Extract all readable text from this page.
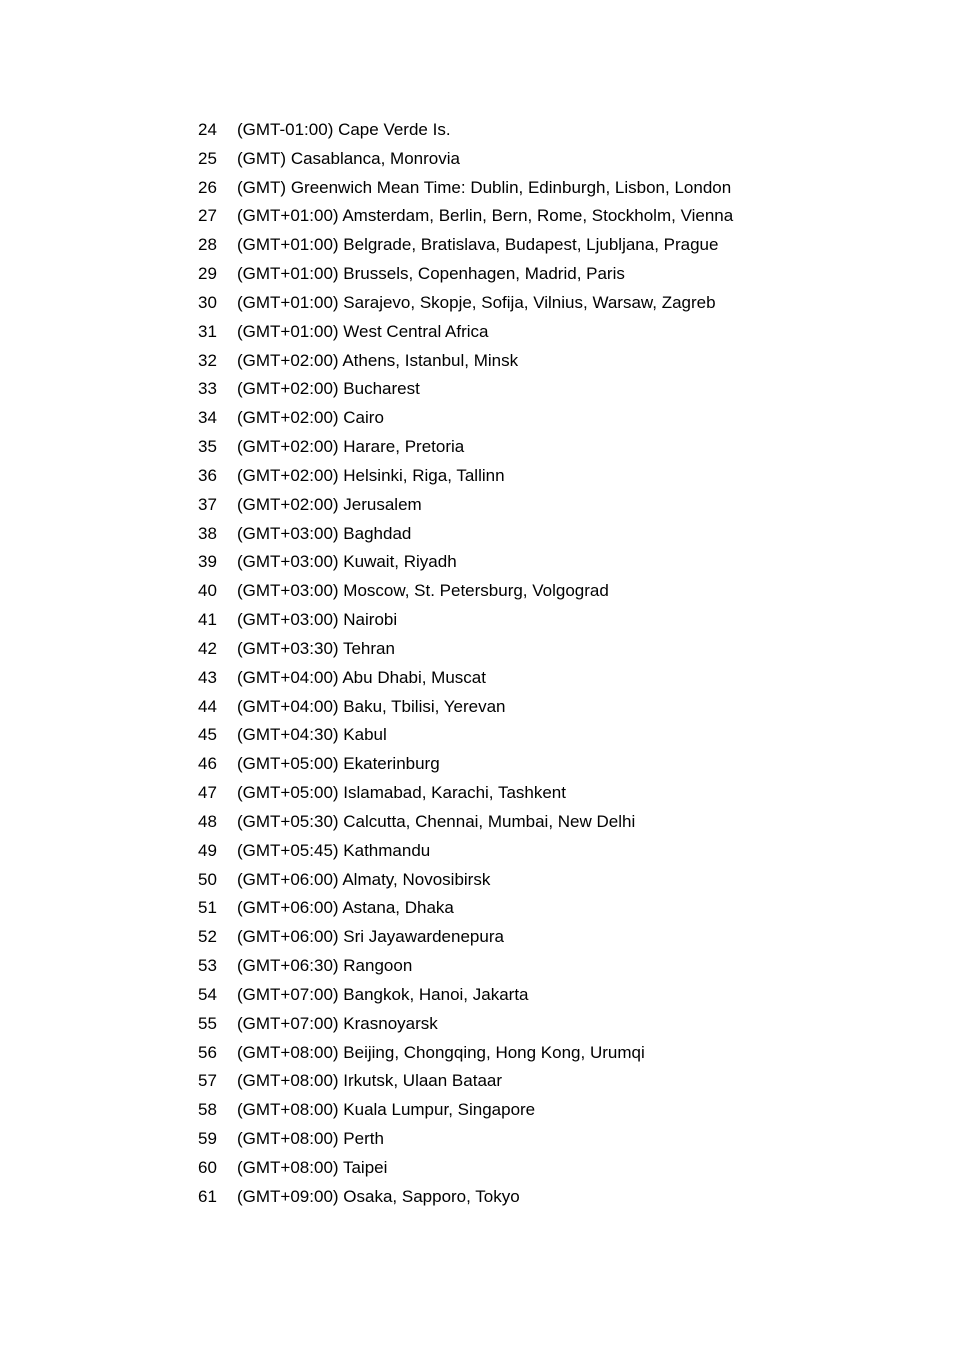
24	(GMT-01:00) Cape Verde Is.
25	(GMT) Casablanca, Monrovia
26	(GMT) Greenwich Mean Time: Dublin, Edinburgh, Lisbon, London
27	(GMT+01:00) Amsterdam, Berlin, Bern, Rome, Stockholm, Vienna
28	(GMT+01:00) Belgrade, Bratislava, Budapest, Ljubljana, Prague
29	(GMT+01:00) Brussels, Copenhagen, Madrid, Paris
30	(GMT+01:00) Sarajevo, Skopje, Sofija, Vilnius, Warsaw, Zagreb
31	(GMT+01:00) West Central Africa
32	(GMT+02:00) Athens, Istanbul, Minsk
33	(GMT+02:00) Bucharest
34	(GMT+02:00) Cairo
35	(GMT+02:00) Harare, Pretoria
36	(GMT+02:00) Helsinki, Riga, Tallinn
37	(GMT+02:00) Jerusalem
38	(GMT+03:00) Baghdad
39	(GMT+03:00) Kuwait, Riyadh
40	(GMT+03:00) Moscow, St. Petersburg, Volgograd
41	(GMT+03:00) Nairobi
42	(GMT+03:30) Tehran
43	(GMT+04:00) Abu Dhabi, Muscat
44	(GMT+04:00) Baku, Tbilisi, Yerevan
45	(GMT+04:30) Kabul
46	(GMT+05:00) Ekaterinburg
47	(GMT+05:00) Islamabad, Karachi, Tashkent
48	(GMT+05:30) Calcutta, Chennai, Mumbai, New Delhi
49	(GMT+05:45) Kathmandu
50	(GMT+06:00) Almaty, Novosibirsk
51	(GMT+06:00) Astana, Dhaka
52	(GMT+06:00) Sri Jayawardenepura
53	(GMT+06:30) Rangoon
54	(GMT+07:00) Bangkok, Hanoi, Jakarta
55	(GMT+07:00) Krasnoyarsk
56	(GMT+08:00) Beijing, Chongqing, Hong Kong, Urumqi
57	(GMT+08:00) Irkutsk, Ulaan Bataar
58	(GMT+08:00) Kuala Lumpur, Singapore
59	(GMT+08:00) Perth
60	(GMT+08:00) Taipei
61	(GMT+09:00) Osaka, Sapporo, Tokyo
